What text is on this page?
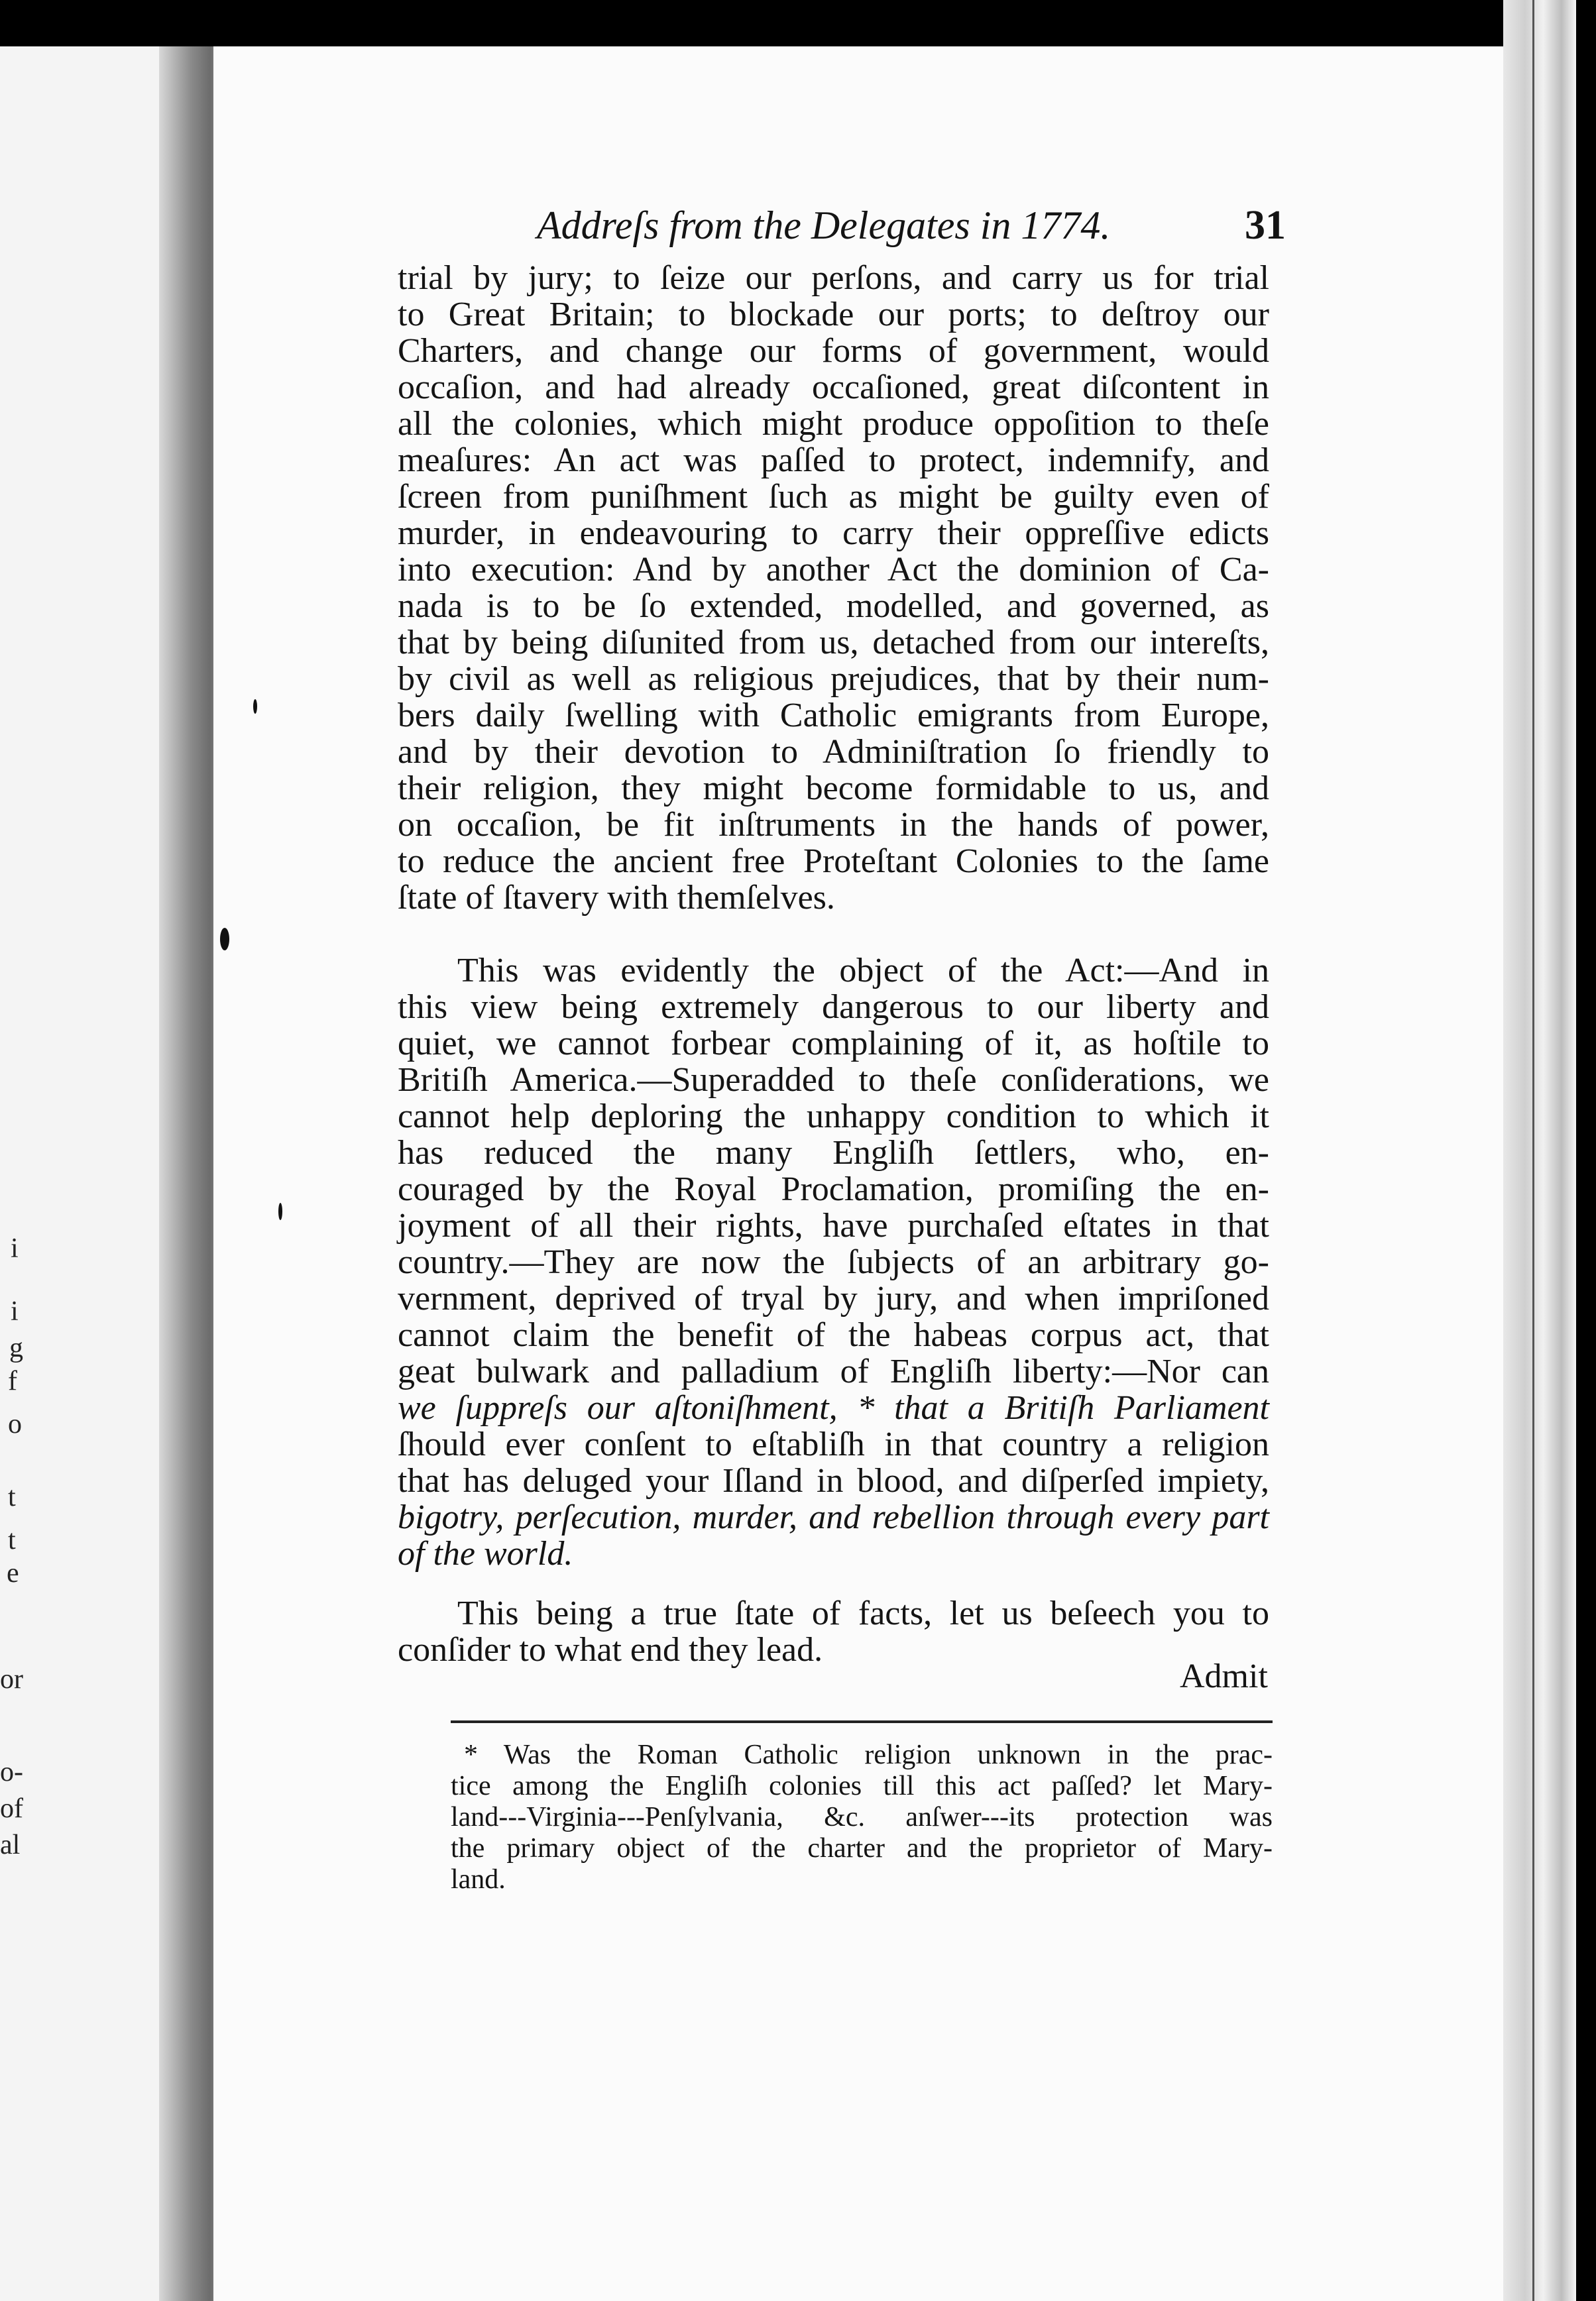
i
i
g
f
o
t
t
e
or
o-
of
al
Addreſs from the Delegates in 1774.	31
trial by jury; to ſeize our perſons, and carry us for trial
to Great Britain; to blockade our ports; to deſtroy our
Charters, and change our forms of government, would
occaſion, and had already occaſioned, great diſcontent in
all the colonies, which might produce oppoſition to theſe
meaſures: An act was paſſed to protect, indemnify, and
ſcreen from puniſhment ſuch as might be guilty even of
murder, in endeavouring to carry their oppreſſive edicts
into execution: And by another Act the dominion of Ca-
nada is to be ſo extended, modelled, and governed, as
that by being diſunited from us, detached from our intereſts,
by civil as well as religious prejudices, that by their num-
bers daily ſwelling with Catholic emigrants from Europe,
and by their devotion to Adminiſtration ſo friendly to
their religion, they might become formidable to us, and
on occaſion, be fit inſtruments in the hands of power,
to reduce the ancient free Proteſtant Colonies to the ſame
ſtate of ſtavery with themſelves.
This was evidently the object of the Act:—And in
this view being extremely dangerous to our liberty and
quiet, we cannot forbear complaining of it, as hoſtile to
Britiſh America.—Superadded to theſe conſiderations, we
cannot help deploring the unhappy condition to which it
has reduced the many Engliſh ſettlers, who, en-
couraged by the Royal Proclamation, promiſing the en-
joyment of all their rights, have purchaſed eſtates in that
country.—They are now the ſubjects of an arbitrary go-
vernment, deprived of tryal by jury, and when impriſoned
cannot claim the benefit of the habeas corpus act, that
geat bulwark and palladium of Engliſh liberty:—Nor can
we ſuppreſs our aſtoniſhment, * that a Britiſh Parliament
ſhould ever conſent to eſtabliſh in that country a religion
that has deluged your Iſland in blood, and diſperſed impiety,
bigotry, perſecution, murder, and rebellion through every part
of the world.
This being a true ſtate of facts, let us beſeech you to
conſider to what end they lead.
Admit
* Was the Roman Catholic religion unknown in the prac-
tice among the Engliſh colonies till this act paſſed? let Mary-
land---Virginia---Penſylvania, &c. anſwer---its protection was
the primary object of the charter and the proprietor of Mary-
land.
